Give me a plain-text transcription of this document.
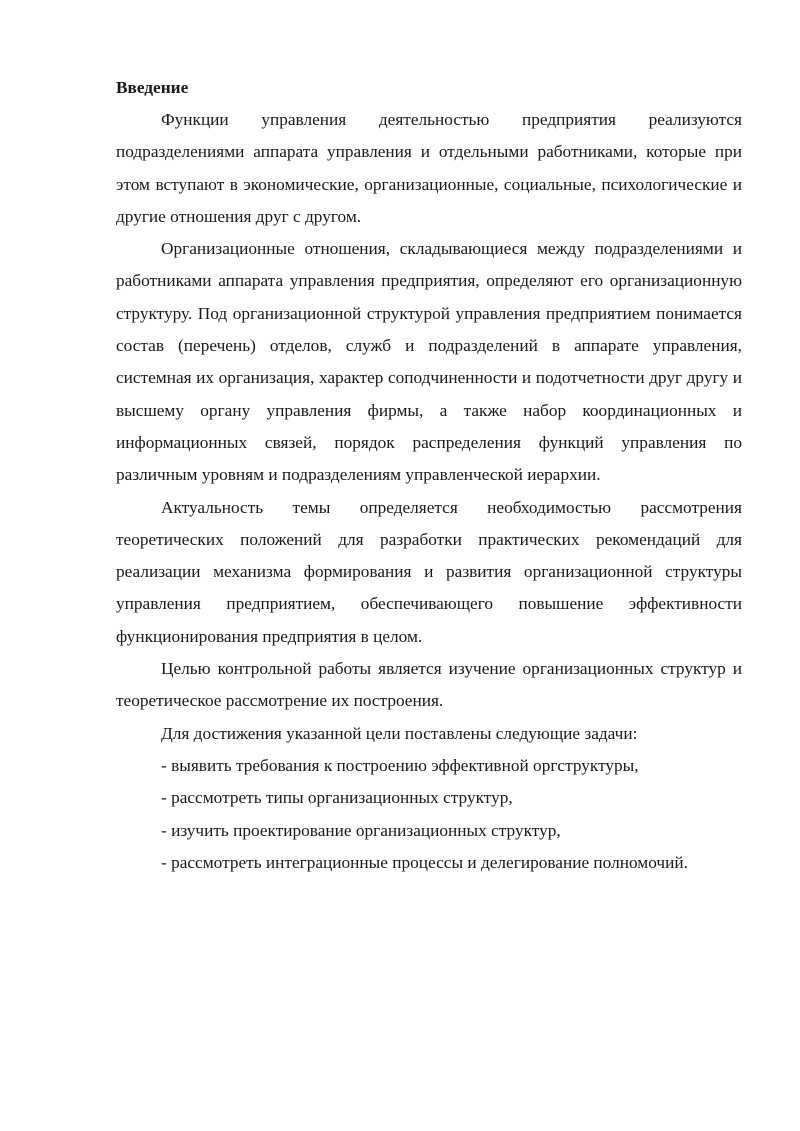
Введение

Функции управления деятельностью предприятия реализуются подразделениями аппарата управления и отдельными работниками, которые при этом вступают в экономические, организационные, социальные, психологические и другие отношения друг с другом.

Организационные отношения, складывающиеся между подразделениями и работниками аппарата управления предприятия, определяют его организационную структуру. Под организационной структурой управления предприятием понимается состав (перечень) отделов, служб и подразделений в аппарате управления, системная их организация, характер соподчиненности и подотчетности друг другу и высшему органу управления фирмы, а также набор координационных и информационных связей, порядок распределения функций управления по различным уровням и подразделениям управленческой иерархии.

Актуальность темы определяется необходимостью рассмотрения теоретических положений для разработки практических рекомендаций для реализации механизма формирования и развития организационной структуры управления предприятием, обеспечивающего повышение эффективности функционирования предприятия в целом.

Целью контрольной работы является изучение организационных структур и теоретическое рассмотрение их построения.

Для достижения указанной цели поставлены следующие задачи:

- выявить требования к построению эффективной оргструктуры,
- рассмотреть типы организационных структур,
- изучить проектирование организационных структур,
- рассмотреть интеграционные процессы и делегирование полномочий.
